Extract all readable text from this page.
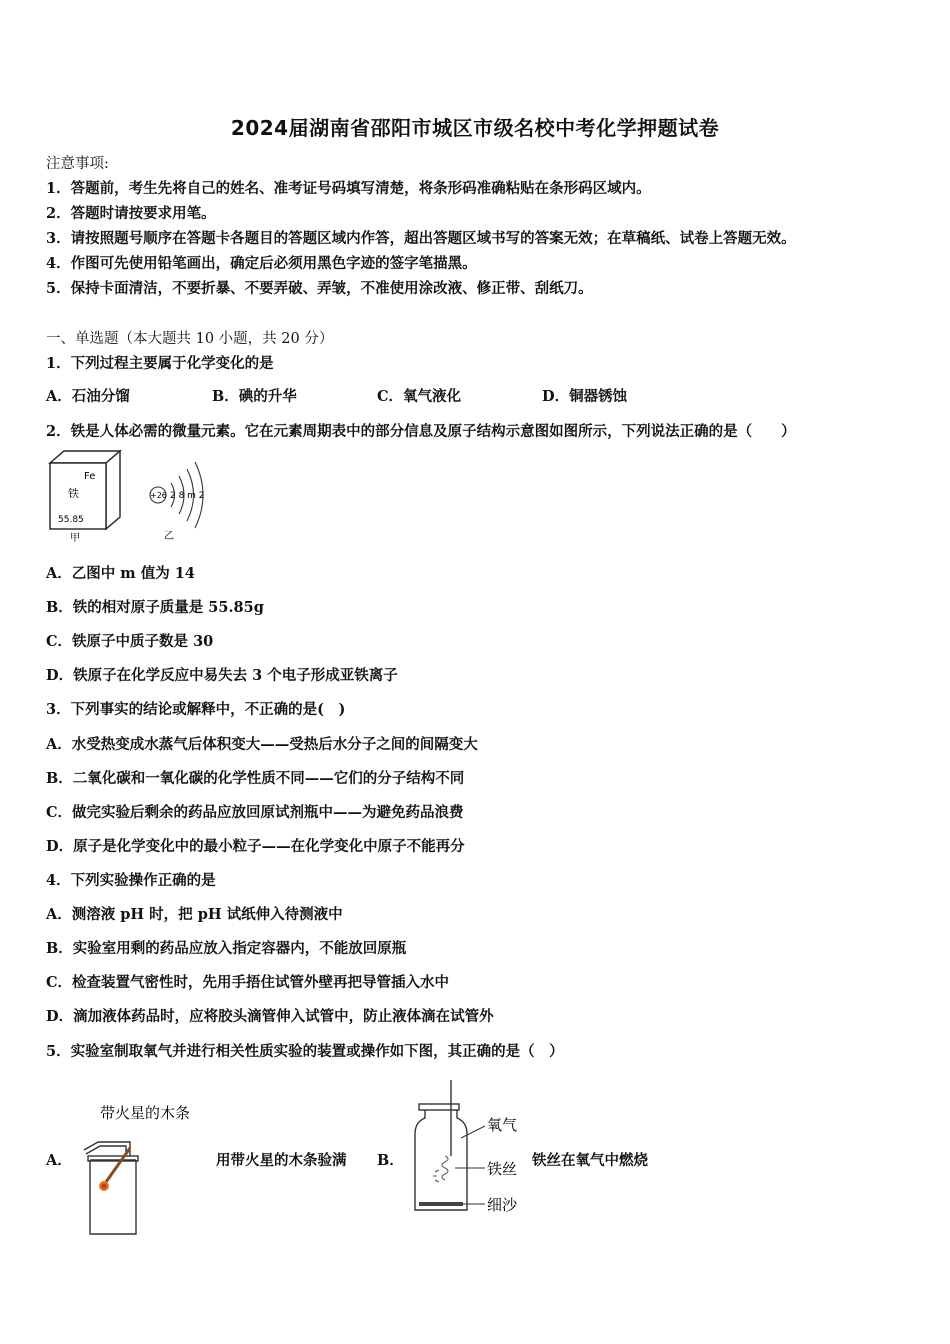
2024届湖南省邵阳市城区市级名校中考化学押题试卷
注意事项:
1．答题前，考生先将自己的姓名、准考证号码填写清楚，将条形码准确粘贴在条形码区域内。
2．答题时请按要求用笔。
3．请按照题号顺序在答题卡各题目的答题区域内作答，超出答题区域书写的答案无效；在草稿纸、试卷上答题无效。
4．作图可先使用铅笔画出，确定后必须用黑色字迹的签字笔描黑。
5．保持卡面清洁，不要折暴、不要弄破、弄皱，不准使用涂改液、修正带、刮纸刀。
一、单选题（本大题共 10 小题，共 20 分）
1．下列过程主要属于化学变化的是
A．石油分馏	B．碘的升华	C．氧气液化	D．铜器锈蚀
2．铁是人体必需的微量元素。它在元素周期表中的部分信息及原子结构示意图如图所示，下列说法正确的是（　　）
Fe
铁
55.85
甲
+26 2 8 m 2
乙
A．乙图中 m 值为 14
B．铁的相对原子质量是 55.85g
C．铁原子中质子数是 30
D．铁原子在化学反应中易失去 3 个电子形成亚铁离子
3．下列事实的结论或解释中，不正确的是(　)
A．水受热变成水蒸气后体积变大——受热后水分子之间的间隔变大
B．二氧化碳和一氧化碳的化学性质不同——它们的分子结构不同
C．做完实验后剩余的药品应放回原试剂瓶中——为避免药品浪费
D．原子是化学变化中的最小粒子——在化学变化中原子不能再分
4．下列实验操作正确的是
A．测溶液 pH 时，把 pH 试纸伸入待测液中
B．实验室用剩的药品应放入指定容器内，不能放回原瓶
C．检查装置气密性时，先用手捂住试管外壁再把导管插入水中
D．滴加液体药品时，应将胶头滴管伸入试管中，防止液体滴在试管外
5．实验室制取氧气并进行相关性质实验的装置或操作如下图，其正确的是（　）
A．
带火星的木条
用带火星的木条验满 B．
氧气
铁丝
细沙
铁丝在氧气中燃烧
